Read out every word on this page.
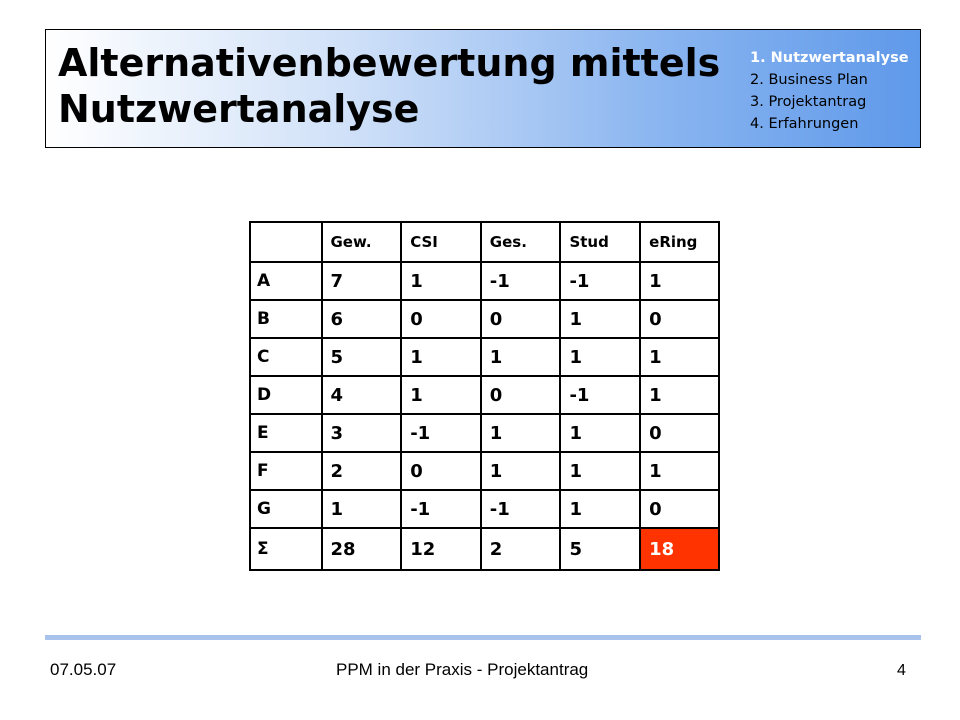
Alternativenbewertung mittels
Nutzwertanalyse
1. Nutzwertanalyse
2. Business Plan
3. Projektantrag
4. Erfahrungen
	Gew.	CSI	Ges.	Stud	eRing
A	7	1	-1	-1	1
B	6	0	0	1	0
C	5	1	1	1	1
D	4	1	0	-1	1
E	3	-1	1	1	0
F	2	0	1	1	1
G	1	-1	-1	1	0
Σ	28	12	2	5	18
07.05.07	PPM in der Praxis - Projektantrag	4
